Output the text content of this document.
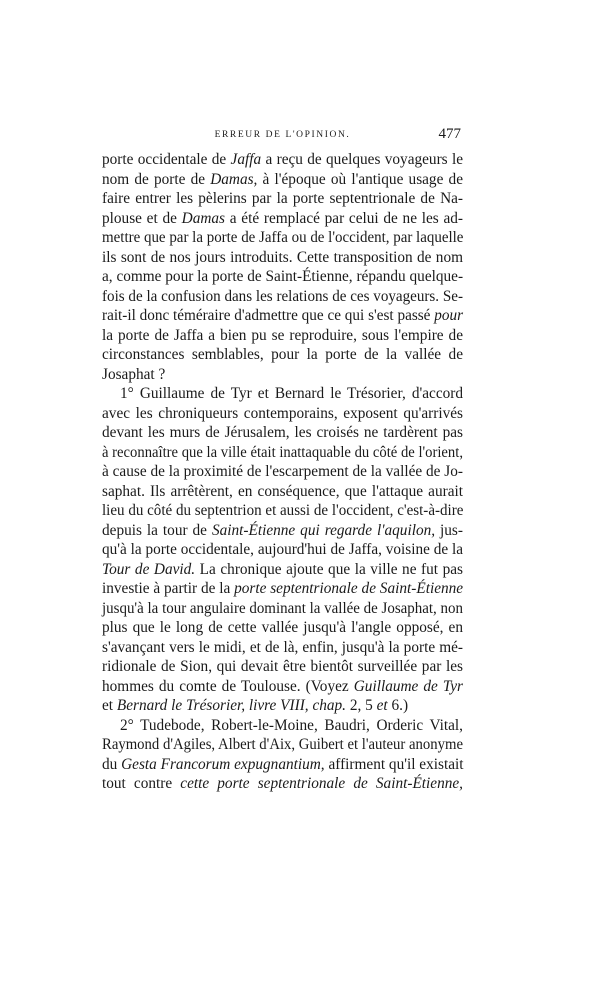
ERREUR DE L'OPINION.	477
porte occidentale de Jaffa a reçu de quelques voyageurs le
nom de porte de Damas, à l'époque où l'antique usage de
faire entrer les pèlerins par la porte septentrionale de Na-
plouse et de Damas a été remplacé par celui de ne les ad-
mettre que par la porte de Jaffa ou de l'occident, par laquelle
ils sont de nos jours introduits. Cette transposition de nom
a, comme pour la porte de Saint-Étienne, répandu quelque-
fois de la confusion dans les relations de ces voyageurs. Se-
rait-il donc téméraire d'admettre que ce qui s'est passé pour
la porte de Jaffa a bien pu se reproduire, sous l'empire de
circonstances semblables, pour la porte de la vallée de
Josaphat ?
1° Guillaume de Tyr et Bernard le Trésorier, d'accord
avec les chroniqueurs contemporains, exposent qu'arrivés
devant les murs de Jérusalem, les croisés ne tardèrent pas
à reconnaître que la ville était inattaquable du côté de l'orient,
à cause de la proximité de l'escarpement de la vallée de Jo-
saphat. Ils arrêtèrent, en conséquence, que l'attaque aurait
lieu du côté du septentrion et aussi de l'occident, c'est-à-dire
depuis la tour de Saint-Étienne qui regarde l'aquilon, jus-
qu'à la porte occidentale, aujourd'hui de Jaffa, voisine de la
Tour de David. La chronique ajoute que la ville ne fut pas
investie à partir de la porte septentrionale de Saint-Étienne
jusqu'à la tour angulaire dominant la vallée de Josaphat, non
plus que le long de cette vallée jusqu'à l'angle opposé, en
s'avançant vers le midi, et de là, enfin, jusqu'à la porte mé-
ridionale de Sion, qui devait être bientôt surveillée par les
hommes du comte de Toulouse. (Voyez Guillaume de Tyr
et Bernard le Trésorier, livre VIII, chap. 2, 5 et 6.)
2° Tudebode, Robert-le-Moine, Baudri, Orderic Vital,
Raymond d'Agiles, Albert d'Aix, Guibert et l'auteur anonyme
du Gesta Francorum expugnantium, affirment qu'il existait
tout contre cette porte septentrionale de Saint-Étienne,
